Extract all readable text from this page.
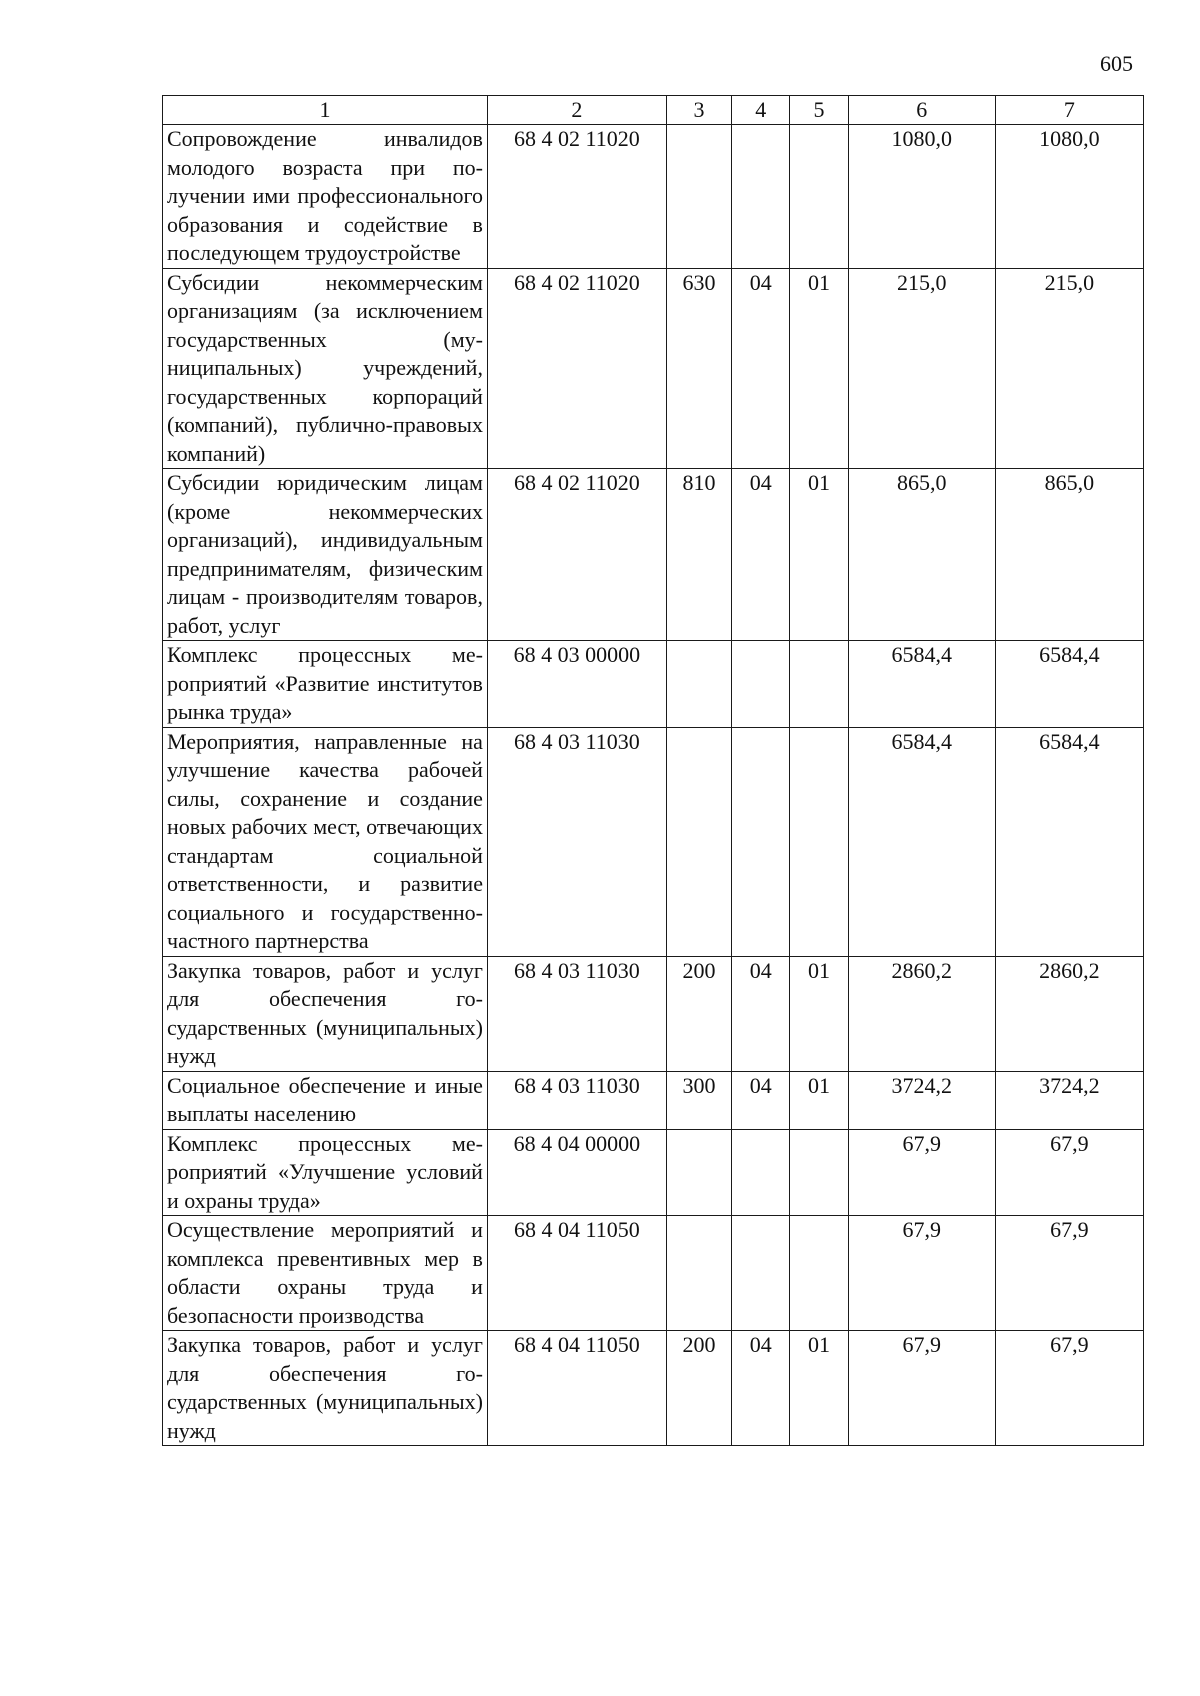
605
1	2	3	4	5	6	7
Сопровождение инвалидов молодого возраста при получении ими профессионального образования и содействие в последующем трудоустройстве	68 4 02 11020				1080,0	1080,0
Субсидии некоммерческим организациям (за исключением государственных (муниципальных) учреждений, государственных корпораций (компаний), публично-правовых компаний)	68 4 02 11020	630	04	01	215,0	215,0
Субсидии юридическим лицам (кроме некоммерческих организаций), индивидуальным предпринимателям, физическим лицам - производителям товаров, работ, услуг	68 4 02 11020	810	04	01	865,0	865,0
Комплекс процессных мероприятий «Развитие институтов рынка труда»	68 4 03 00000				6584,4	6584,4
Мероприятия, направленные на улучшение качества рабочей силы, сохранение и создание новых рабочих мест, отвечающих стандартам социальной ответственности, и развитие социального и государственно-частного партнерства	68 4 03 11030				6584,4	6584,4
Закупка товаров, работ и услуг для обеспечения государственных (муниципальных) нужд	68 4 03 11030	200	04	01	2860,2	2860,2
Социальное обеспечение и иные выплаты населению	68 4 03 11030	300	04	01	3724,2	3724,2
Комплекс процессных мероприятий «Улучшение условий и охраны труда»	68 4 04 00000				67,9	67,9
Осуществление мероприятий и комплекса превентивных мер в области охраны труда и безопасности производства	68 4 04 11050				67,9	67,9
Закупка товаров, работ и услуг для обеспечения государственных (муниципальных) нужд	68 4 04 11050	200	04	01	67,9	67,9
